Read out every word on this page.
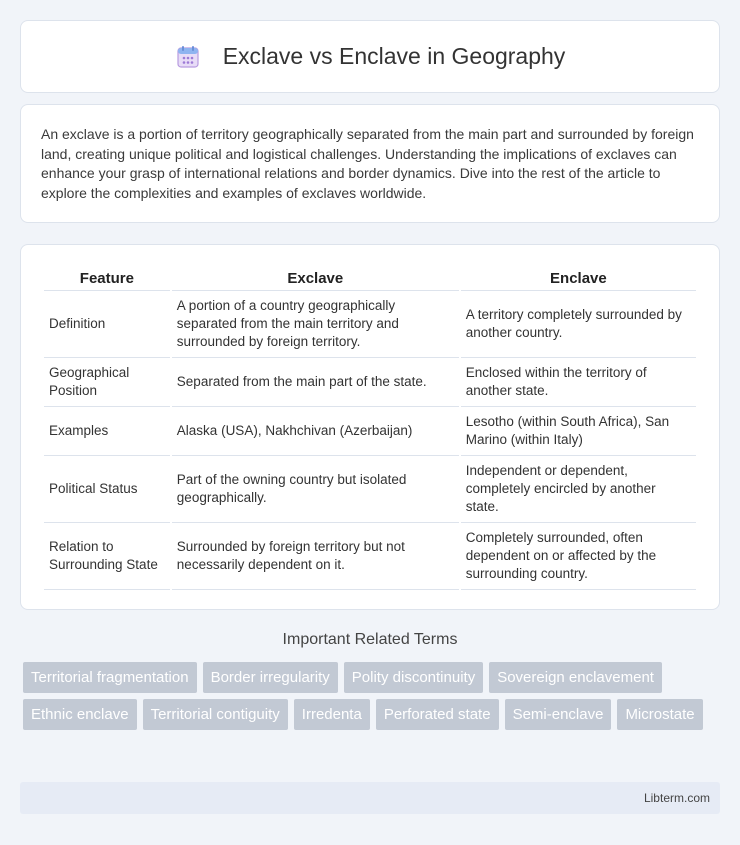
Exclave vs Enclave in Geography

An exclave is a portion of territory geographically separated from the main part and surrounded by foreign land, creating unique political and logistical challenges. Understanding the implications of exclaves can enhance your grasp of international relations and border dynamics. Dive into the rest of the article to explore the complexities and examples of exclaves worldwide.

Feature	Exclave	Enclave
Definition	A portion of a country geographically separated from the main territory and surrounded by foreign territory.	A territory completely surrounded by another country.
Geographical Position	Separated from the main part of the state.	Enclosed within the territory of another state.
Examples	Alaska (USA), Nakhchivan (Azerbaijan)	Lesotho (within South Africa), San Marino (within Italy)
Political Status	Part of the owning country but isolated geographically.	Independent or dependent, completely encircled by another state.
Relation to Surrounding State	Surrounded by foreign territory but not necessarily dependent on it.	Completely surrounded, often dependent on or affected by the surrounding country.
Important Related Terms
Territorial fragmentation	Border irregularity	Polity discontinuity	Sovereign enclavement
Ethnic enclave	Territorial contiguity	Irredenta	Perforated state	Semi-enclave	Microstate
Libterm.com
